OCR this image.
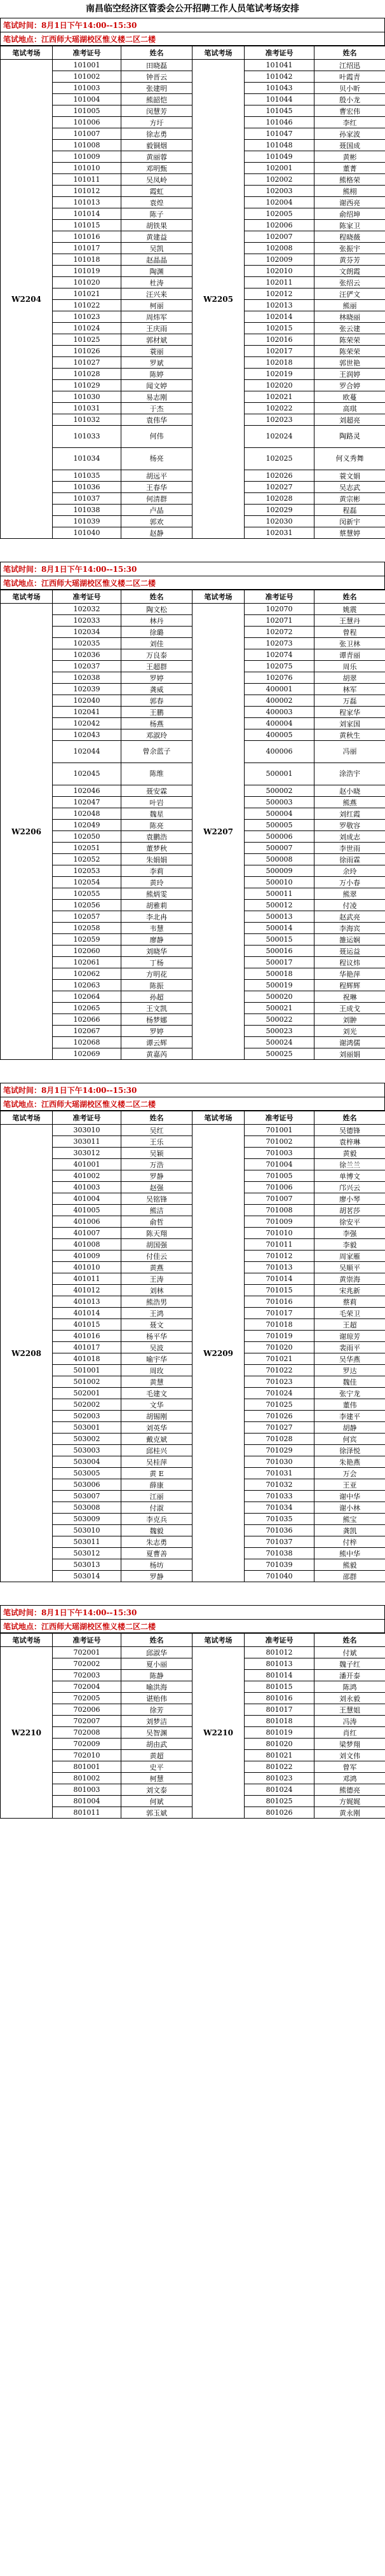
南昌临空经济区管委会公开招聘工作人员笔试考场安排
笔试时间：8月1日下午14:00--15:30
笔试地点：江西师大瑶湖校区惟义楼二区二楼
笔试考场	准考证号	姓名	笔试考场	准考证号	姓名
W2204	101001	田晓磊	W2205	101041	江绍迅
	101002	钟晋云		101042	叶霞青
	101003	张建明		101043	贝小昕
	101004	熊韶恺		101044	殷小龙
	101005	闵慧芳		101045	曹宏伟
	101006	方圩		101046	李红
	101007	徐志勇		101047	孙家波
	101008	毅铜烟		101048	聂国成
	101009	黄丽蓉		101049	黄彬
	101010	邓明甄		102001	董菁
	101011	吴凤岭		102002	熊格荣
	101012	霞虹		102003	熊栩
	101013	袁煌		102004	谢西亮
	101014	陈子		102005	俞绍坤
	101015	胡铁果		102006	陈家卫
	101016	黄建益		102007	程晓薇
	101017	吴凯		102008	张振宇
	101018	赵晶晶		102009	黄芬芳
	101019	陶渊		102010	文朗霞
	101020	杜涛		102011	张绍云
	101021	汪兴来		102012	汪俨文
	101022	柯丽		102013	熊丽
	101023	周炜军		102014	林晓丽
	101024	王庆雨		102015	张云建
	101025	郭材斌		102016	陈荣荣
	101026	蓑丽		102017	陈荣荣
	101027	罗斌		102018	郭世艳
	101028	陈婷		102019	王润婷
	101029	闻文婷		102020	罗合婷
	101030	易志刚		102021	欧蔓
	101031	于杰		102022	高琪
	101032	袁伟华		102023	刘超亮
	101033	何伟		102024	陶路灵
	101034	杨亮		102025	何义秀舞
	101035	胡远平		102026	蓑文娟
	101036	王春华		102027	吴志武
	101037	何清群		102028	黄宗彬
	101038	卢晶		102029	程磊
	101039	郭欢		102030	闵新宇
	101040	赵静		102031	蔡慧婷
笔试时间：8月1日下午14:00--15:30
笔试地点：江西师大瑶湖校区惟义楼二区二楼
笔试考场	准考证号	姓名	笔试考场	准考证号	姓名
W2206	102032	陶文松	W2207	102070	姚震
	102033	林丹		102071	王慧丹
	102034	徐璐		102072	曾程
	102035	刘佳		102073	张卫林
	102036	万良泰		102074	谭青丽
	102037	王超群		102075	周乐
	102038	罗婷		102076	胡翠
	102039	龚威		400001	林军
	102040	郭春		400002	万磊
	102041	王鹏		400003	程家华
	102042	杨燕		400004	刘家国
	102043	邓淑玲		400005	黄秋生
	102044	曾余蓝子		400006	冯丽
	102045	陈维		500001	涂浩宇
	102046	聂安霖		500002	赵小晓
	102047	叶岩		500003	熊燕
	102048	魏星		500004	刘红霞
	102049	陈亮		500005	罗敬容
	102050	袁鹏浩		500006	刘成志
	102051	董梦秋		500007	李世雨
	102052	朱娟娟		500008	徐雨霖
	102053	李莉		500009	余玲
	102054	黄玲		500010	万小春
	102055	熊炳雯		500011	熊翠
	102056	胡雅莉		500012	付凌
	102057	李北冉		500013	赵武亮
	102058	韦慧		500014	李海宾
	102059	廖静		500015	雒运娴
	102060	刘晓华		500016	聂运益
	102061	丁杨		500017	程议炜
	102062	方明花		500018	华艳萍
	102063	陈振		500019	程辉辉
	102064	孙超		500020	祝琳
	102065	王文凯		500021	王成戈
	102066	杨梦娜		500022	刘翀
	102067	罗婷		500023	刘光
	102068	谭云辉		500024	谢鸿儒
	102069	黄嘉芮		500025	刘丽娟
笔试时间：8月1日下午14:00--15:30
笔试地点：江西师大瑶湖校区惟义楼二区二楼
笔试考场	准考证号	姓名	笔试考场	准考证号	姓名
W2208	303010	吴红	W2209	701001	吴德锋
	303011	王乐		701002	袁梓琳
	303012	吴颖		701003	黄毅
	401001	万浩		701004	徐兰兰
	401002	罗静		701005	单博文
	401003	赵强		701006	邝兴云
	401004	吴铭锋		701007	廖小琴
	401005	熊洁		701008	胡茗莎
	401006	俞哲		701009	徐安平
	401007	陈天翔		701010	李强
	401008	胡国强		701011	李毅
	401009	付佳云		701012	周家雁
	401010	黄燕		701013	吴顺平
	401011	王涛		701014	黄崇海
	401012	刘林		701015	宋兆新
	401013	熊浩男		701016	蔡莉
	401014	王鸿		701017	毛荣卫
	401015	聂文		701018	王超
	401016	杨平华		701019	谢琼芳
	401017	吴波		701020	裴雨平
	401018	喻宇华		701021	吴华燕
	501001	周玫		701022	罗达
	501002	黄慧		701023	魏佳
	502001	毛建文		701024	张宁龙
	502002	文华		701025	董伟
	502003	胡锡刚		701026	李建平
	503001	刘英华		701027	胡静
	503002	戴克斌		701028	何宾
	503003	邱桂兴		701029	徐泽悦
	503004	吴桂萍		701030	朱艳燕
	503005	黄 E		701031	万会
	503006	薛康		701032	王亚
	503007	江丽		701033	谢中华
	503008	付淑		701034	谢小林
	503009	李克兵		701035	熊宝
	503010	魏毅		701036	龚凯
	503011	朱志勇		701037	付梓
	503012	夏曹善		701038	熊中华
	503013	杨坊		701039	熊毅
	503014	罗静		701040	邵群
笔试时间：8月1日下午14:00--15:30
笔试地点：江西师大瑶湖校区惟义楼二区二楼
笔试考场	准考证号	姓名	笔试考场	准考证号	姓名
W2210	702001	邱淑华	W2210	801012	付斌
	702002	夏小丽		801013	魏子红
	702003	陈静		801014	潘开泰
	702004	喻洪海		801015	陈鸿
	702005	谌贻伟		801016	刘永毅
	702006	徐芳		801017	王慧姐
	702007	刘梦洁		801018	冯涛
	702008	吴智渊		801019	肖红
	702009	胡由武		801020	梁梦翔
	702010	黄超		801021	刘文伟
	801001	史平		801022	曾军
	801002	柯慧		801023	邓鸿
	801003	刘文泰		801024	熊德亮
	801004	何斌		801025	方娓娓
	801011	郭玉斌		801026	黄永刚
